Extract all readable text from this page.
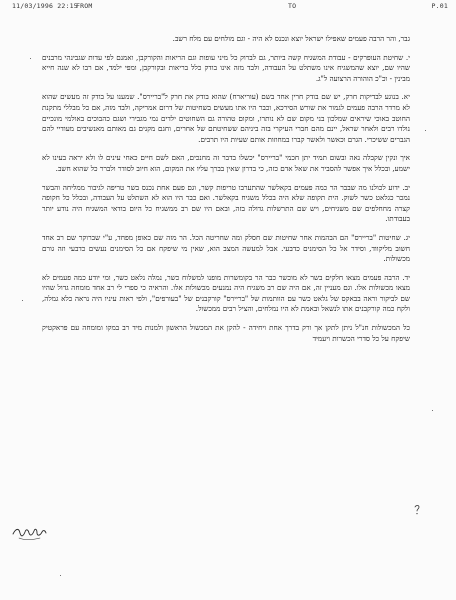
11/03/1996 22:15
FROM	TO	P.01

גבר, והר הרבה פעמים שאפילו ישראל יוצא ונכנס לא היה - וגם מולחים עם מלח רשב.

י. שחיטת העופרקים - עבודת המשגיח קשה ביותר, גם לברוק כל מיני עופות וגם הריאות והקורקבן, ואמנם לפי עדות שגבינהי מרבנים שהיו שם, יוצא שהמשגיח אינו משתלט על העבודה, ולבד מזה אינו בודק כלל בריאות ובקורקבן, ומפי ילמד, אם רבו לא שנה חייא מבינין - וכ"כ הוהורה הרצועה ל"ג.

יא. בנוגע לבדיקות חרק, יש שם בודק חרין אחד בשם (עוריארח) שהוא בודק את חרק ל"בריירס". שמענו על בודק זה מעשים שהוא לא מרדר הרבה פעמים לגמור את שורש הסירכא, וכבר היו אתו מעשים בשחיטות של דרום אמריקה, ולבד מזה, אם כל מבללי מתקנת החוטב באוכי שיראים שמלכון בני מקום שם לא נותרו, ומקום טהורה גם השחוטים ילדים נמי מגבירי ושגם כהבוכים באולמי מונכיים נולדו רבים ולאחר שראל, יינם מהם חברי העיקרי בזה ביניהם ששחיטתם של אחרים, וחגם מקנים גם מאותם מאנשיבים מעודיי להם הגברים ששיכרי. הגרם וכאשר ולאשר קברו במחוזות אותם שעיות היו תרבים.

איך ונקין שקבלה נאה ובשום תמיד יתן חכמי "בריירס" יכשלו בדבר זה מחנכים, האם לשם חיים כאחי עינים לו ולא יראה בעינו לא ישמע, ובכלל איך אפשר להסביר את שאל אדם כזה, כי בדרון שאין בברך עליו את המקום, הוא חיוב לסודר ולברר כל שהוא חשב.

יב. ידוע לכולנו מה שבבר הר כמה פעמים בקאלשר שהתערבו טריפות קשר, וגם פעם אחת נכנס בשר טריפה לגיבור ממליחה והבשר נמכר כגלאט כשר לשוק. הית תקופה שלא היה בכלל משגיח בקאלשר. ואם כבר היו הוא לא השתלט על העבודה, ובכלל כל חקופה קצרה מחחלפים שם משגיחים, ויש שם התרשלות גדולה בזה, ובאם היו שם רב ממשגיח כל היום בודאי המשגיח היה נודע יותר בעבודתו.

יג. שחיטות "בריירס" הם הבהמות אחר שחיטות שם חסלק ומה שחריטה הכל. הר מזה שם כאופן מפחד, ע"י שברוקר שם רב אחד חשוב מליקווד, וסידר אל כל הסימנים כדבעי. אבל למעשה המצב הוא, שאין מי שיפקח אם כל הסימנים נעשים כדבעי וזה גורם מכשולות.

יד. הרבה פעמים מצאו חלקים בשר לא מוכשר כבר הר בקומשרות מופנו למשלוח כשר, נמלה נלאט כשר, ומי יודע כמה פעמים לא מצאו מכשולות אלו. וגם מעניין זה, אם היה שם רב משגיח היה נמנעים מכשולות אלו. והראיה כי ספרי לי רב אחד מומחה גדול שהיו שם לביקור וראה בבאקס של גלאט כשר עם הוותמות של "בריירס" קורקבנים של "בעורפים", ולפי ראות עיניו היה נראה כלא גמלה, ולקח כמה קורקבנים אתו לנשאל ובאמת לא היו נמלחים, והציל רבים ממכשול.

כל המכשולות חנ"ל ניתן לתקן אך ורק בדרך אחת ויחידה - להקן את המכשול הראשון ולמנות מיד רב במקו ומומחה עם פראקטיק שיפקח על כל סדרי הכשרות ויעמיד
